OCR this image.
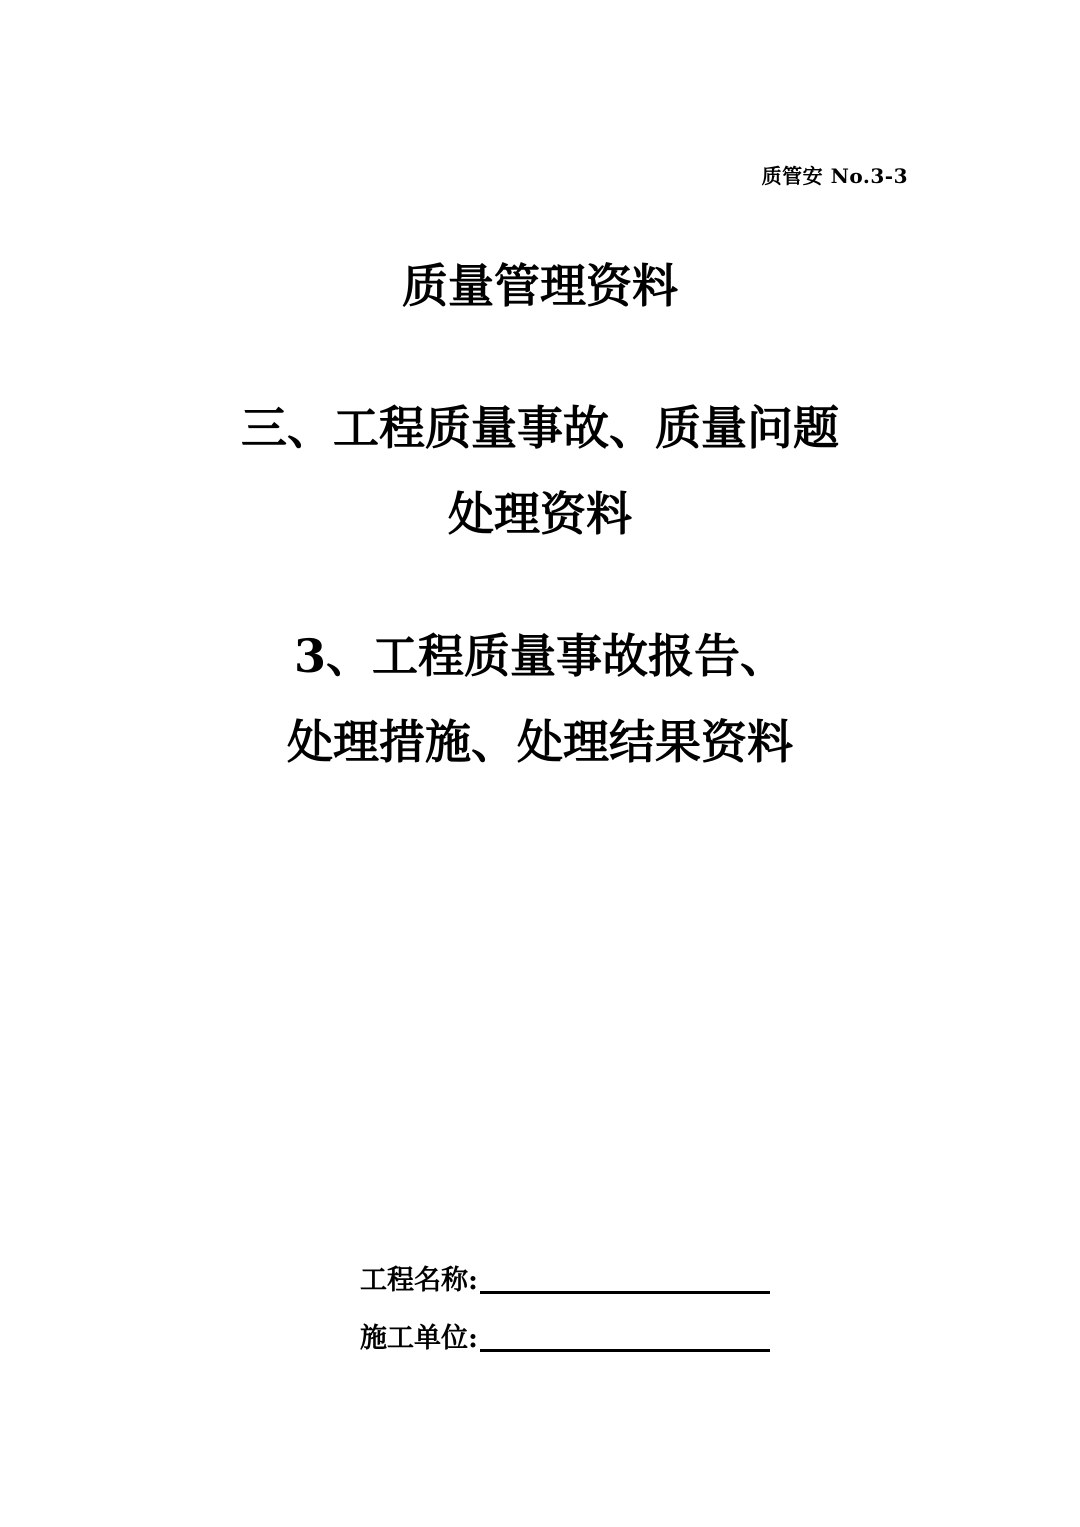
质管安 No.3-3
质量管理资料
三、工程质量事故、质量问题
处理资料
3、工程质量事故报告、
处理措施、处理结果资料
工程名称:
施工单位:
